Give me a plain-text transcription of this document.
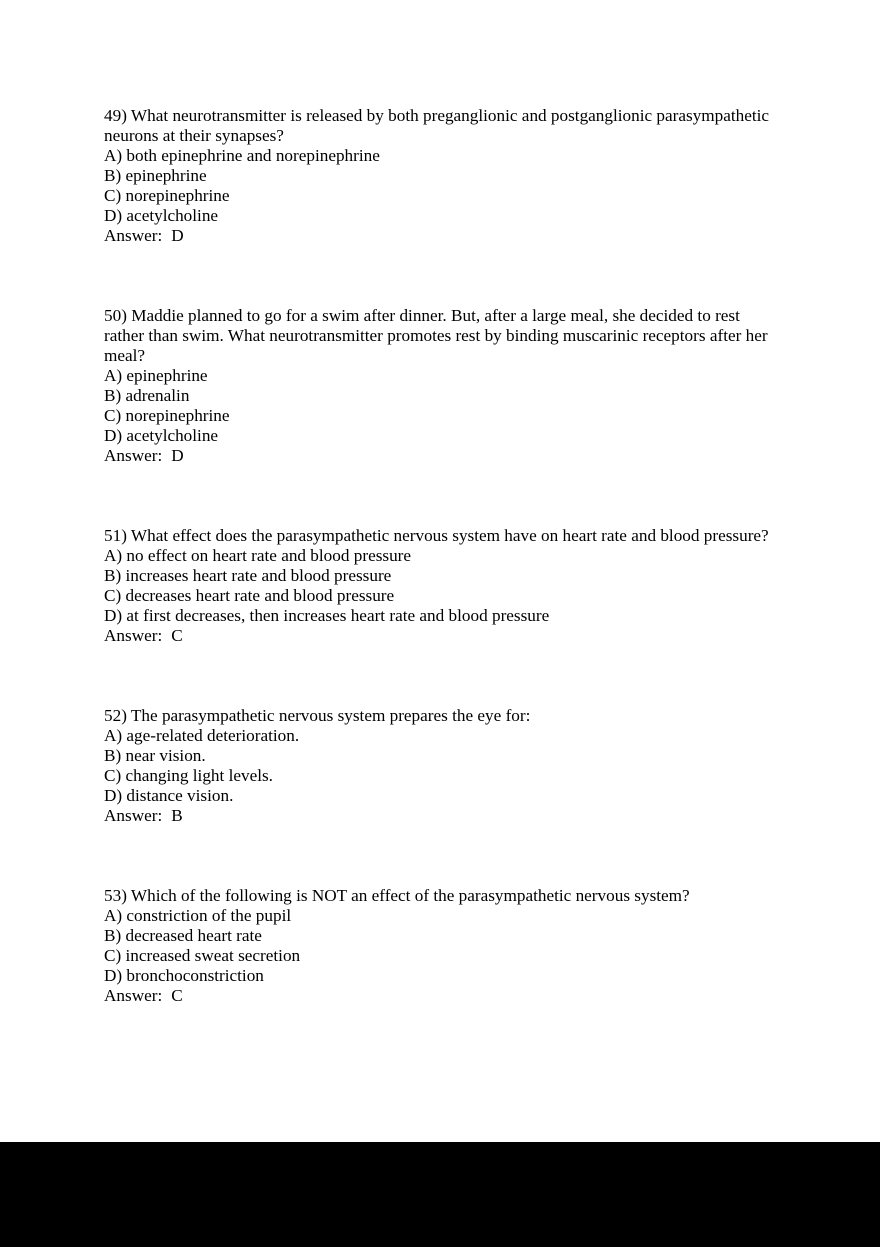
49) What neurotransmitter is released by both preganglionic and postganglionic parasympathetic neurons at their synapses?

A) both epinephrine and norepinephrine

B) epinephrine

C) norepinephrine

D) acetylcholine

Answer: D

50) Maddie planned to go for a swim after dinner. But, after a large meal, she decided to rest rather than swim. What neurotransmitter promotes rest by binding muscarinic receptors after her meal?

A) epinephrine

B) adrenalin

C) norepinephrine

D) acetylcholine

Answer: D

51) What effect does the parasympathetic nervous system have on heart rate and blood pressure?

A) no effect on heart rate and blood pressure

B) increases heart rate and blood pressure

C) decreases heart rate and blood pressure

D) at first decreases, then increases heart rate and blood pressure

Answer: C

52) The parasympathetic nervous system prepares the eye for:

A) age-related deterioration.

B) near vision.

C) changing light levels.

D) distance vision.

Answer: B

53) Which of the following is NOT an effect of the parasympathetic nervous system?

A) constriction of the pupil

B) decreased heart rate

C) increased sweat secretion

D) bronchoconstriction

Answer: C
